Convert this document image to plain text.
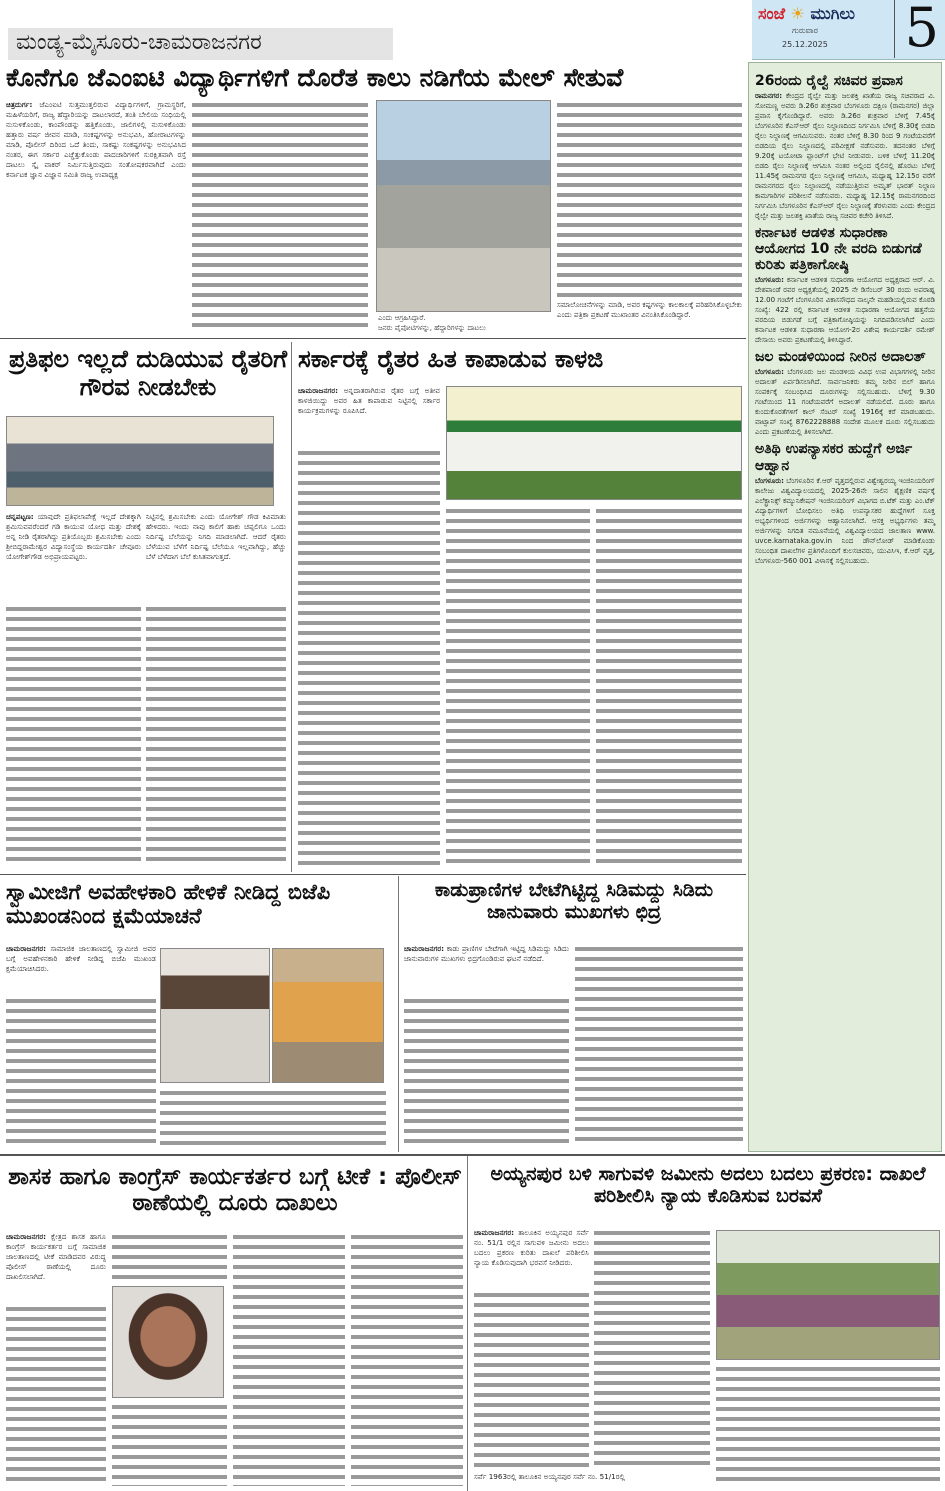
ಮಂಡ್ಯ-ಮೈಸೂರು-ಚಾಮರಾಜನಗರ
ಸಂಜೆ ☀ ಮುಗಿಲು
ಗುರುವಾರ
25.12.2025 5
ಕೊನೆಗೂ ಜೆಎಂಐಟಿ ವಿದ್ಯಾರ್ಥಿಗಳಿಗೆ ದೊರೆತ ಕಾಲು ನಡಿಗೆಯ ಮೇಲ್ ಸೇತುವೆ
ಚಿತ್ರದುರ್ಗ: ಜೆಎಂಐಟಿ ಸುತ್ತಮುತ್ತಲಿರುವ ವಿದ್ಯಾರ್ಥಿಗಳಿಗೆ, ಗ್ರಾಮಸ್ಥರಿಗೆ, ಮಹಿಳೆಯರಿಗೆ, ರಾಜ್ಯ ಹೆದ್ದಾರಿಯನ್ನು ದಾಟಲಾರದೆ, ತಂತಿ ಬೇಲಿಯ ಸಂಧಿಯಲ್ಲಿ ನುಸುಳಿಕೊಂಡು, ಕಾಂಪೌಂಡನ್ನು ಹತ್ತಿಕೊಂಡು, ಜಾಲಿಗಳಲ್ಲಿ ನುಸುಳಿಕೊಂಡು ಹತ್ತಾರು ವರ್ಷ ಜೀವನ ಮಾಡಿ, ಸಂಕಷ್ಟಗಳನ್ನು ಅನುಭವಿಸಿ, ಹೋರಾಟಗಳನ್ನು ಮಾಡಿ, ಪೊಲೀಸ್ ದಿರಿಂದ ಒದೆ ತಿಂದು, ಸಾಕಷ್ಟು ಸಂಕಷ್ಟಗಳನ್ನು ಅನುಭವಿಸಿದ ನಂತರ, ಈಗ ಸರ್ಕಾರ ಎಚ್ಚೆತ್ತುಕೊಂಡು ಪಾದಚಾರಿಗಳಿಗೆ ಸುರಕ್ಷಿತವಾಗಿ ರಸ್ತೆ ದಾಟಲು ಸ್ಕೈ ವಾಕರ್ ನಿರ್ಮಿಸುತ್ತಿರುವುದು ಸಂತೋಷಕರವಾಗಿದೆ ಎಂದು ಕರ್ನಾಟಕ ಜ್ಞಾನ ವಿಜ್ಞಾನ ಸಮಿತಿ ರಾಜ್ಯ ಉಪಾಧ್ಯಕ್ಷ
ಎಂದು ಆಗ್ರಹಿಸಿದ್ದಾರೆ.
ಜನರು ಪೈಪೋಟಿಗಳನ್ನು, ಹೆದ್ದಾರಿಗಳನ್ನು ದಾಟಲು
ಸಮಾಲೋಚನೆಗಳನ್ನು ಮಾಡಿ, ಅವರ ಕಷ್ಟಗಳನ್ನು ಕಾಲಕಾಲಕ್ಕೆ ಪರಿಹರಿಸಿಕೊಳ್ಳಬೇಕು ಎಂದು ಪತ್ರಿಕಾ ಪ್ರಕಟಣೆ ಮುಖಾಂತರ ವಿನಂತಿಸಿಕೊಂಡಿದ್ದಾರೆ.
ಪ್ರತಿಫಲ ಇಲ್ಲದೆ ದುಡಿಯುವ ರೈತರಿಗೆ ಗೌರವ ನೀಡಬೇಕು
ಚನ್ನಪಟ್ಟಣ: ಯಾವುದೇ ಪ್ರತಿಫಲಾಪೇಕ್ಷೆ ಇಲ್ಲದೆ ದೇಶಕ್ಕಾಗಿ ಶ್ರಮಿಸುವವರೆಂದರೆ ಗಡಿ ಕಾಯುವ ಯೋಧ ಮತ್ತು ದೇಶಕ್ಕೆ ಅನ್ನ ನೀಡಿ ರೈತರಾಗಿದ್ದು ಪ್ರತಿಯೊಬ್ಬರು ಶ್ರಮಿಸಬೇಕು ಎಂದು ಶ್ರೀಬಿದ್ದರಾಮೇಶ್ವರ ವಿದ್ಯಾಸಂಸ್ಥೆಯ ಕಾರ್ಯದರ್ಶಿ ಚೇವೂರು ಯೋಗೇಶ್‌ಗೌಡ ಅಭಿಪ್ರಾಯಪಟ್ಟರು.
ನಿಟ್ಟಿನಲ್ಲಿ ಶ್ರಮಿಸಬೇಕು ಎಂದು ಯೋಗೇಶ್ ಗೌಡ ಕಿವಿಮಾತು ಹೇಳಿದರು. ಇಂದು ನಾವು ಕಾಲಿಗೆ ಹಾಕು ಚಪ್ಪಲಿಗೂ ಒಂದು ನಿರ್ದಿಷ್ಟ ಬೆಲೆಯನ್ನು ನಿಗದಿ ಮಾಡಲಾಗಿದೆ. ಆದರೆ ರೈತರು ಬೆಳೆಯುವ ಬೆಳೆಗೆ ನಿರ್ದಿಷ್ಟ ಬೆಲೆಯೂ ಇಲ್ಲವಾಗಿದ್ದು, ಹೆಚ್ಚು ಬೆಳೆ ಬೆಳೆದಾಗ ಬೆಲೆ ಕುಸಿತವಾಗುತ್ತದೆ.
ಸರ್ಕಾರಕ್ಕೆ ರೈತರ ಹಿತ ಕಾಪಾಡುವ ಕಾಳಜಿ
ಚಾಮರಾಜನಗರ: ಅನ್ನದಾತರಾಗಿರುವ ರೈತರ ಬಗ್ಗೆ ಅತೀವ ಕಾಳಜಿಯಿದ್ದು ಅವರ ಹಿತ ಕಾಪಾಡುವ ನಿಟ್ಟಿನಲ್ಲಿ ಸರ್ಕಾರ ಕಾರ್ಯಕ್ರಮಗಳನ್ನು ರೂಪಿಸಿದೆ.
ಸ್ವಾಮೀಜಿಗೆ ಅವಹೇಳಕಾರಿ ಹೇಳಿಕೆ ನೀಡಿದ್ದ ಬಿಜೆಪಿ ಮುಖಂಡನಿಂದ ಕ್ಷಮೆಯಾಚನೆ
ಚಾಮರಾಜನಗರ: ಸಾಮಾಜಿಕ ಜಾಲತಾಣದಲ್ಲಿ ಸ್ವಾಮೀಜಿ ಅವರ ಬಗ್ಗೆ ಅವಹೇಳನಕಾರಿ ಹೇಳಿಕೆ ನೀಡಿದ್ದ ಬಿಜೆಪಿ ಮುಖಂಡ ಕ್ಷಮೆಯಾಚಿಸಿದರು.
ಕಾಡುಪ್ರಾಣಿಗಳ ಬೇಟೆಗಿಟ್ಟಿದ್ದ ಸಿಡಿಮದ್ದು ಸಿಡಿದು ಜಾನುವಾರು ಮುಖಗಳು ಛಿದ್ರ
ಚಾಮರಾಜನಗರ: ಕಾಡು ಪ್ರಾಣಿಗಳ ಬೇಟೆಗಾಗಿ ಇಟ್ಟಿದ್ದ ಸಿಡಿಮದ್ದು ಸಿಡಿದು ಜಾನುವಾರುಗಳ ಮುಖಗಳು ಛಿದ್ರಗೊಂಡಿರುವ ಘಟನೆ ನಡೆದಿದೆ.
26ರಂದು ರೈಲ್ವೆ ಸಚಿವರ ಪ್ರವಾಸ
ರಾಮನಗರ: ಕೇಂದ್ರದ ರೈಲ್ವೇ ಮತ್ತು ಜಲಶಕ್ತಿ ಖಾತೆಯ ರಾಜ್ಯ ಸಚಿವರಾದ ವಿ. ಸೋಮಣ್ಣ ಅವರು ಡಿ.26ರ ಶುಕ್ರವಾರ ಬೆಂಗಳೂರು ದಕ್ಷಿಣ (ರಾಮನಗರ) ಜಿಲ್ಲಾ ಪ್ರವಾಸ ಕೈಗೊಂಡಿದ್ದಾರೆ. ಅವರು ಡಿ.26ರ ಶುಕ್ರವಾರ ಬೆಳಿಗ್ಗೆ 7.45ಕ್ಕೆ ಬೆಂಗಳೂರಿನ ಕೆಎಸ್‌ಆರ್ ರೈಲು ನಿಲ್ದಾಣದಿಂದ ನಿರ್ಗಮಿಸಿ ಬೆಳಿಗ್ಗೆ 8.30ಕ್ಕೆ ಬಿಡದಿ ರೈಲು ನಿಲ್ದಾಣಕ್ಕೆ ಆಗಮಿಸುವರು. ನಂತರ ಬೆಳಿಗ್ಗೆ 8.30 ರಿಂದ 9 ಗಂಟೆಯವರೆಗೆ ಬಿಡದಿಯ ರೈಲು ನಿಲ್ದಾಣದಲ್ಲಿ ಪರಿವೀಕ್ಷಣೆ ನಡೆಸುವರು. ತದನಂತರ ಬೆಳಿಗ್ಗೆ 9.20ಕ್ಕೆ ಟಯೋಟಾ ಪ್ಲಾಂಟ್‌ಗೆ ಭೇಟಿ ನೀಡುವರು. ಬಳಿಕ ಬೆಳಿಗ್ಗೆ 11.20ಕ್ಕೆ ಬಿಡದಿ ರೈಲು ನಿಲ್ದಾಣಕ್ಕೆ ಆಗಮಿಸಿ ನಂತರ ಅಲ್ಲಿಂದ ರೈಲಿನಲ್ಲಿ ಹೊರಟು ಬೆಳಿಗ್ಗೆ 11.45ಕ್ಕೆ ರಾಮನಗರ ರೈಲು ನಿಲ್ದಾಣಕ್ಕೆ ಆಗಮಿಸಿ, ಮಧ್ಯಾಹ್ನ 12.15ರ ವರೆಗೆ ರಾಮನಗರದ ರೈಲು ನಿಲ್ದಾಣದಲ್ಲಿ ನಡೆಯುತ್ತಿರುವ ಅಮೃತ್ ಭಾರತ್ ನಿಲ್ದಾಣ ಕಾಮಗಾರಿಗಳ ಪರಿಶೀಲನೆ ನಡೆಸುವರು. ಮಧ್ಯಾಹ್ನ 12.15ಕ್ಕೆ ರಾಮನಗರದಿಂದ ನಿರ್ಗಮಿಸಿ ಬೆಂಗಳೂರಿನ ಕೆಎಸ್‌ಆರ್ ರೈಲು ನಿಲ್ದಾಣಕ್ಕೆ ತೆರಳುವರು ಎಂದು ಕೇಂದ್ರದ ರೈಲ್ವೇ ಮತ್ತು ಜಲಶಕ್ತಿ ಖಾತೆಯ ರಾಜ್ಯ ಸಚಿವರ ಕಚೇರಿ ತಿಳಿಸಿದೆ.
ಕರ್ನಾಟಕ ಆಡಳಿತ ಸುಧಾರಣಾ ಆಯೋಗದ 10 ನೇ ವರದಿ ಬಿಡುಗಡೆ ಕುರಿತು ಪತ್ರಿಕಾಗೋಷ್ಠಿ
ಬೆಂಗಳೂರು: ಕರ್ನಾಟಕ ಆಡಳಿತ ಸುಧಾರಣಾ ಆಯೋಗದ ಅಧ್ಯಕ್ಷರಾದ ಆರ್. ವಿ. ದೇಶಪಾಂಡೆ ರವರ ಅಧ್ಯಕ್ಷತೆಯಲ್ಲಿ 2025 ನೇ ಡಿಸೆಂಬರ್ 30 ರಂದು ಅಪರಾಹ್ನ 12.00 ಗಂಟೆಗೆ ಬೆಂಗಳೂರಿನ ವಿಕಾಸಸೌಧದ ನಾಲ್ಕನೇ ಮಹಡಿಯಲ್ಲಿರುವ ಕೊಠಡಿ ಸಂಖ್ಯೆ: 422 ರಲ್ಲಿ ಕರ್ನಾಟಕ ಆಡಳಿತ ಸುಧಾರಣಾ ಆಯೋಗದ ಹತ್ತನೆಯ ವರದಿಯ ಬಿಡುಗಡೆ ಬಗ್ಗೆ ಪತ್ರಿಕಾಗೋಷ್ಠಿಯನ್ನು ನಿಗದಿಪಡಿಸಲಾಗಿದೆ ಎಂದು ಕರ್ನಾಟಕ ಆಡಳಿತ ಸುಧಾರಣಾ ಆಯೋಗ-2ರ ವಿಶೇಷ ಕಾರ್ಯದರ್ಶಿ ರಮೇಶ್ ದೇಸಾಯಿ ಅವರು ಪ್ರಕಟಣೆಯಲ್ಲಿ ತಿಳಿಸಿದ್ದಾರೆ.
ಜಲ ಮಂಡಳಿಯಿಂದ ನೀರಿನ ಅದಾಲತ್
ಬೆಂಗಳೂರು: ಬೆಂಗಳೂರು ಜಲ ಮಂಡಳಿಯ ವಿವಿಧ ಉಪ ವಿಭಾಗಗಳಲ್ಲಿ ನೀರಿನ ಅದಾಲತ್ ಏರ್ಪಡಿಸಲಾಗಿದೆ. ಸಾರ್ವಜನಿಕರು ತಮ್ಮ ನೀರಿನ ಬಿಲ್ ಹಾಗೂ ಸಂಪರ್ಕಕ್ಕೆ ಸಂಬಂಧಿಸಿದ ದೂರುಗಳನ್ನು ಸಲ್ಲಿಸಬಹುದು. ಬೆಳಿಗ್ಗೆ 9.30 ಗಂಟೆಯಿಂದ 11 ಗಂಟೆಯವರೆಗೆ ಅದಾಲತ್ ನಡೆಯಲಿದೆ. ದೂರು ಹಾಗೂ ಕುಂದುಕೊರತೆಗಳಿಗೆ ಕಾಲ್ ಸೆಂಟರ್ ಸಂಖ್ಯೆ 1916ಕ್ಕೆ ಕರೆ ಮಾಡಬಹುದು. ವಾಟ್ಸಾಪ್ ಸಂಖ್ಯೆ 8762228888 ಸಂದೇಶ ಮೂಲಕ ದೂರು ಸಲ್ಲಿಸಬಹುದು ಎಂದು ಪ್ರಕಟಣೆಯಲ್ಲಿ ತಿಳಿಸಲಾಗಿದೆ.
ಅತಿಥಿ ಉಪನ್ಯಾಸಕರ ಹುದ್ದೆಗೆ ಅರ್ಜಿ ಆಹ್ವಾನ
ಬೆಂಗಳೂರು: ಬೆಂಗಳೂರಿನ ಕೆ.ಆರ್ ವೃತ್ತದಲ್ಲಿರುವ ವಿಶ್ವೇಶ್ವರಯ್ಯ ಇಂಜಿನಿಯರಿಂಗ್ ಕಾಲೇಜು ವಿಶ್ವವಿದ್ಯಾಲಯದಲ್ಲಿ 2025-26ನೇ ಸಾಲಿನ ಶೈಕ್ಷಣಿಕ ವರ್ಷಕ್ಕೆ ಎಲೆಕ್ಟ್ರಾನಿಕ್ಸ್ ಕಮ್ಯುನಿಕೇಷನ್ ಇಂಜಿನಿಯರಿಂಗ್ ವಿಭಾಗದ ಬಿ.ಟೆಕ್ ಮತ್ತು ಎಂ.ಟೆಕ್ ವಿದ್ಯಾರ್ಥಿಗಳಿಗೆ ಬೋಧಿಸಲು ಅತಿಥಿ ಉಪನ್ಯಾಸಕರ ಹುದ್ದೆಗಳಿಗೆ ಸೂಕ್ತ ಅಭ್ಯರ್ಥಿಗಳಿಂದ ಅರ್ಜಿಗಳನ್ನು ಆಹ್ವಾನಿಸಲಾಗಿದೆ. ಆಸಕ್ತ ಅಭ್ಯರ್ಥಿಗಳು ತಮ್ಮ ಅರ್ಜಿಗಳನ್ನು ನಿಗದಿತ ನಮೂನೆಯಲ್ಲಿ ವಿಶ್ವವಿದ್ಯಾಲಯದ ಜಾಲತಾಣ www. uvce.karnataka.gov.in ನಿಂದ ಡೌನ್‌ಲೋಡ್ ಮಾಡಿಕೊಂಡು ಸಂಬಂಧಿತ ದಾಖಲೆಗಳ ಪ್ರತಿಗಳೊಂದಿಗೆ ಕುಲಸಚಿವರು, ಯುವಿಸಿಇ, ಕೆ.ಆರ್ ವೃತ್ತ, ಬೆಂಗಳೂರು-560 001 ವಿಳಾಸಕ್ಕೆ ಸಲ್ಲಿಸಬಹುದು.
ಶಾಸಕ ಹಾಗೂ ಕಾಂಗ್ರೆಸ್ ಕಾರ್ಯಕರ್ತರ ಬಗ್ಗೆ ಟೀಕೆ : ಪೊಲೀಸ್ ಠಾಣೆಯಲ್ಲಿ ದೂರು ದಾಖಲು
ಚಾಮರಾಜನಗರ: ಕ್ಷೇತ್ರದ ಶಾಸಕ ಹಾಗೂ ಕಾಂಗ್ರೆಸ್ ಕಾರ್ಯಕರ್ತರ ಬಗ್ಗೆ ಸಾಮಾಜಿಕ ಜಾಲತಾಣದಲ್ಲಿ ಟೀಕೆ ಮಾಡಿದವರ ವಿರುದ್ಧ ಪೊಲೀಸ್ ಠಾಣೆಯಲ್ಲಿ ದೂರು ದಾಖಲಿಸಲಾಗಿದೆ.
ಅಯ್ಯನಪುರ ಬಳಿ ಸಾಗುವಳಿ ಜಮೀನು ಅದಲು ಬದಲು ಪ್ರಕರಣ: ದಾಖಲೆ ಪರಿಶೀಲಿಸಿ ನ್ಯಾಯ ಕೊಡಿಸುವ ಬರವಸೆ
ಚಾಮರಾಜನಗರ: ತಾಲೂಕಿನ ಅಯ್ಯನಪುರ ಸರ್ವೆ ನಂ. 51/1 ರಲ್ಲಿನ ಸಾಗುವಳಿ ಜಮೀನು ಅದಲು ಬದಲು ಪ್ರಕರಣ ಕುರಿತು ದಾಖಲೆ ಪರಿಶೀಲಿಸಿ ನ್ಯಾಯ ಕೊಡಿಸುವುದಾಗಿ ಭರವಸೆ ನೀಡಿದರು.
ಸರ್ವೆ 1963ರಲ್ಲಿ ತಾಲೂಕಿನ ಅಯ್ಯನಪುರ ಸರ್ವೆ ನಂ. 51/1ರಲ್ಲಿ
